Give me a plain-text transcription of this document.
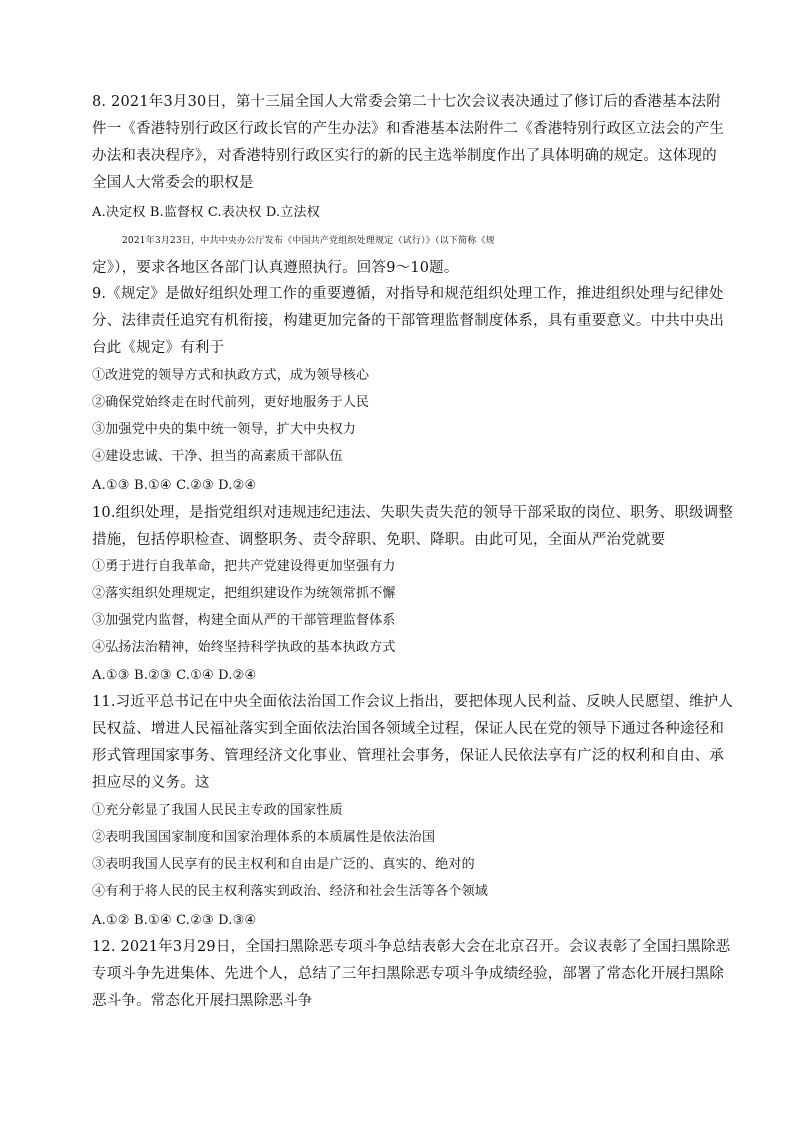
8. 2021年3月30日，第十三届全国人大常委会第二十七次会议表决通过了修订后的香港基本法附
件一《香港特别行政区行政长官的产生办法》和香港基本法附件二《香港特别行政区立法会的产生
办法和表决程序》，对香港特别行政区实行的新的民主选举制度作出了具体明确的规定。这体现的
全国人大常委会的职权是
A.决定权 B.监督权 C.表决权 D.立法权
2021年3月23日，中共中央办公厅发布《中国共产党组织处理规定（试行）》（以下简称《规
定》），要求各地区各部门认真遵照执行。回答9～10题。
9.《规定》是做好组织处理工作的重要遵循，对指导和规范组织处理工作，推进组织处理与纪律处
分、法律责任追究有机衔接，构建更加完备的干部管理监督制度体系，具有重要意义。中共中央出
台此《规定》有利于
①改进党的领导方式和执政方式，成为领导核心
②确保党始终走在时代前列，更好地服务于人民
③加强党中央的集中统一领导，扩大中央权力
④建设忠诚、干净、担当的高素质干部队伍
A.①③ B.①④ C.②③ D.②④
10.组织处理，是指党组织对违规违纪违法、失职失责失范的领导干部采取的岗位、职务、职级调整
措施，包括停职检查、调整职务、责令辞职、免职、降职。由此可见，全面从严治党就要
①勇于进行自我革命，把共产党建设得更加坚强有力
②落实组织处理规定，把组织建设作为统领常抓不懈
③加强党内监督，构建全面从严的干部管理监督体系
④弘扬法治精神，始终坚持科学执政的基本执政方式
A.①③ B.②③ C.①④ D.②④
11.习近平总书记在中央全面依法治国工作会议上指出，要把体现人民利益、反映人民愿望、维护人
民权益、增进人民福祉落实到全面依法治国各领域全过程，保证人民在党的领导下通过各种途径和
形式管理国家事务、管理经济文化事业、管理社会事务，保证人民依法享有广泛的权利和自由、承
担应尽的义务。这
①充分彰显了我国人民民主专政的国家性质
②表明我国国家制度和国家治理体系的本质属性是依法治国
③表明我国人民享有的民主权利和自由是广泛的、真实的、绝对的
④有利于将人民的民主权利落实到政治、经济和社会生活等各个领域
A.①② B.①④ C.②③ D.③④
12. 2021年3月29日，全国扫黑除恶专项斗争总结表彰大会在北京召开。会议表彰了全国扫黑除恶
专项斗争先进集体、先进个人，总结了三年扫黑除恶专项斗争成绩经验，部署了常态化开展扫黑除
恶斗争。常态化开展扫黑除恶斗争
